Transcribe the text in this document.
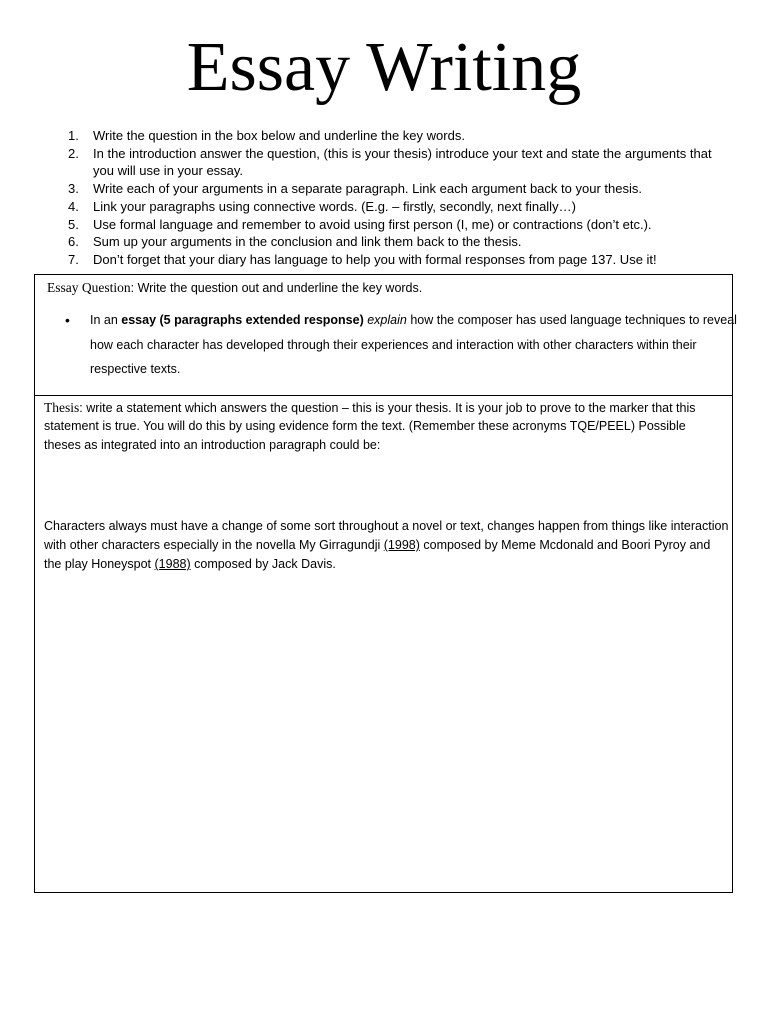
Essay Writing
1. Write the question in the box below and underline the key words.
2. In the introduction answer the question, (this is your thesis) introduce your text and state the arguments that you will use in your essay.
3. Write each of your arguments in a separate paragraph. Link each argument back to your thesis.
4. Link your paragraphs using connective words. (E.g. – firstly, secondly, next finally…)
5. Use formal language and remember to avoid using first person (I, me) or contractions (don’t etc.).
6. Sum up your arguments in the conclusion and link them back to the thesis.
7. Don’t forget that your diary has language to help you with formal responses from page 137. Use it!
Essay Question: Write the question out and underline the key words.
• In an essay (5 paragraphs extended response) explain how the composer has used language techniques to reveal how each character has developed through their experiences and interaction with other characters within their respective texts.
Thesis: write a statement which answers the question – this is your thesis. It is your job to prove to the marker that this statement is true. You will do this by using evidence form the text. (Remember these acronyms TQE/PEEL) Possible theses as integrated into an introduction paragraph could be:
Characters always must have a change of some sort throughout a novel or text, changes happen from things like interaction with other characters especially in the novella My Girragundji (1998) composed by Meme Mcdonald and Boori Pyroy and the play Honeyspot (1988) composed by Jack Davis.
